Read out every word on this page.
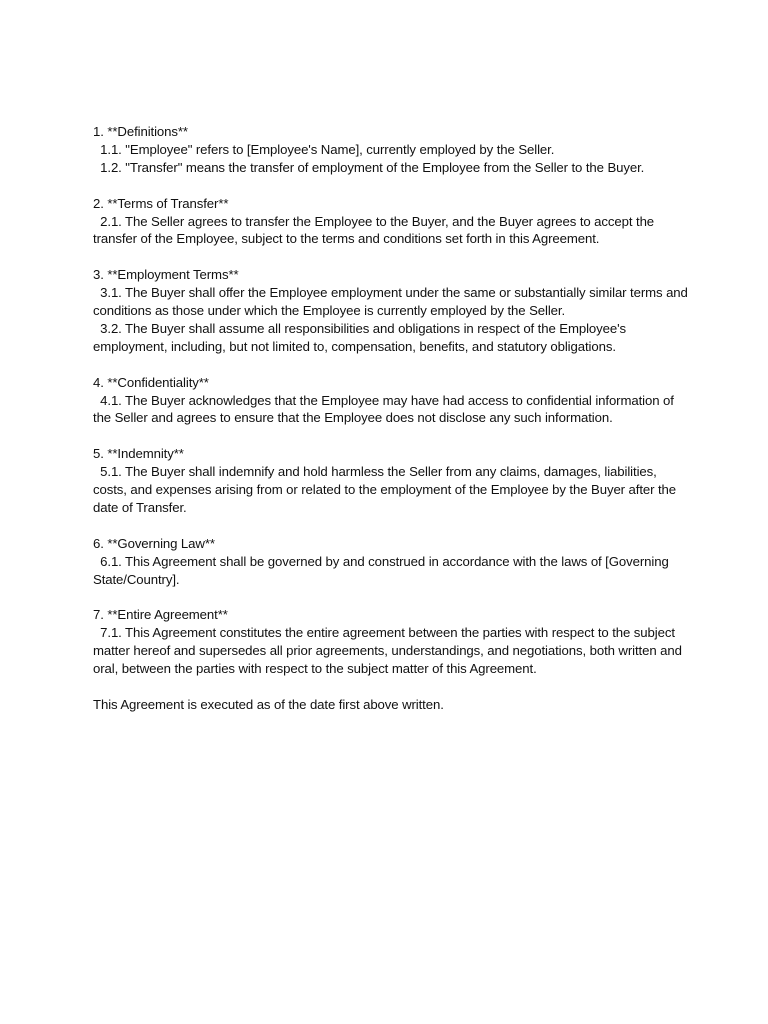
1. **Definitions**
1.1. "Employee" refers to [Employee's Name], currently employed by the Seller.
1.2. "Transfer" means the transfer of employment of the Employee from the Seller to the Buyer.
2. **Terms of Transfer**
2.1. The Seller agrees to transfer the Employee to the Buyer, and the Buyer agrees to accept the transfer of the Employee, subject to the terms and conditions set forth in this Agreement.
3. **Employment Terms**
3.1. The Buyer shall offer the Employee employment under the same or substantially similar terms and conditions as those under which the Employee is currently employed by the Seller.
3.2. The Buyer shall assume all responsibilities and obligations in respect of the Employee's employment, including, but not limited to, compensation, benefits, and statutory obligations.
4. **Confidentiality**
4.1. The Buyer acknowledges that the Employee may have had access to confidential information of the Seller and agrees to ensure that the Employee does not disclose any such information.
5. **Indemnity**
5.1. The Buyer shall indemnify and hold harmless the Seller from any claims, damages, liabilities, costs, and expenses arising from or related to the employment of the Employee by the Buyer after the date of Transfer.
6. **Governing Law**
6.1. This Agreement shall be governed by and construed in accordance with the laws of [Governing State/Country].
7. **Entire Agreement**
7.1. This Agreement constitutes the entire agreement between the parties with respect to the subject matter hereof and supersedes all prior agreements, understandings, and negotiations, both written and oral, between the parties with respect to the subject matter of this Agreement.

This Agreement is executed as of the date first above written.
